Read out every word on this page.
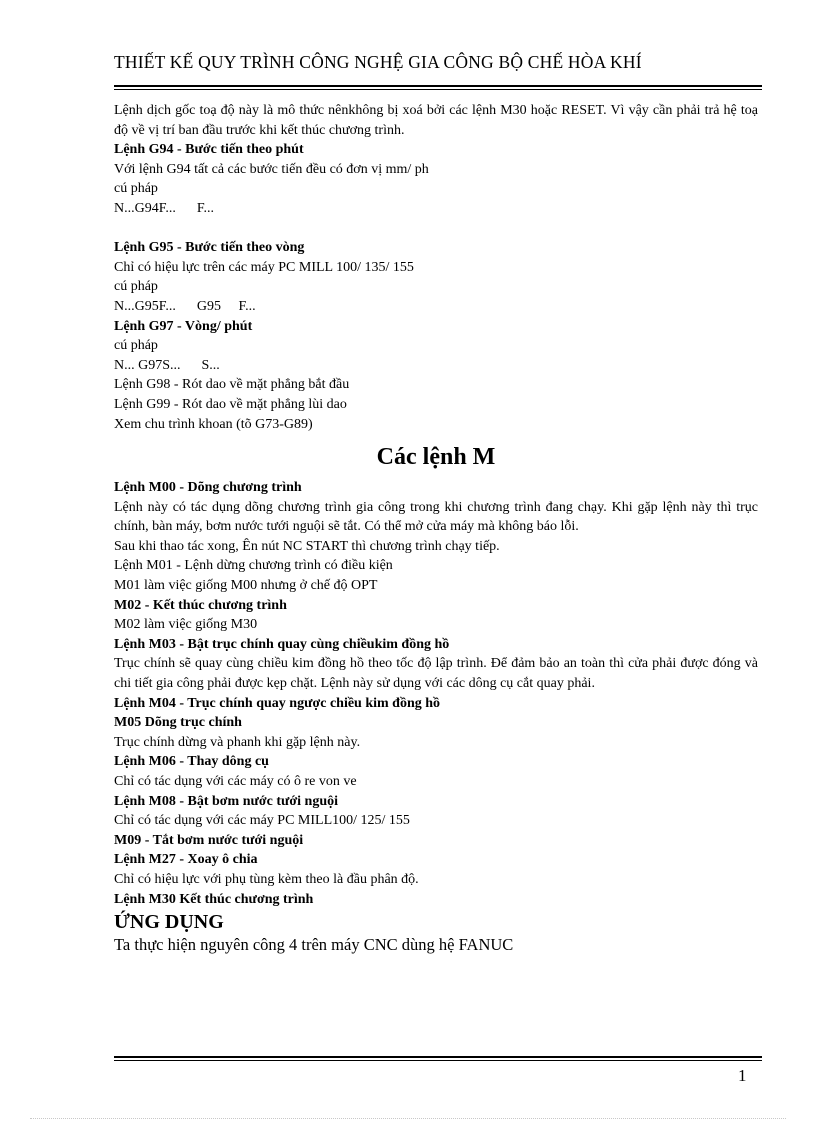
THIẾT KẾ QUY TRÌNH CÔNG NGHỆ GIA CÔNG BỘ CHẾ HÒA KHÍ

Lệnh dịch gốc toạ độ này là mô thức nênkhông bị xoá bởi các lệnh M30 hoặc RESET. Vì vậy cần phải trả hệ toạ độ về vị trí ban đầu trước khi kết thúc chương trình.

Lệnh G94 - Bước tiến theo phút

Với lệnh G94 tất cả các bước tiến đều có đơn vị mm/ ph

cú pháp

N...G94F...      F...

Lệnh G95 - Bước tiến theo vòng

Chỉ có hiệu lực trên các máy PC MILL 100/ 135/ 155

cú pháp

N...G95F...      G95     F...

Lệnh G97 - Vòng/ phút

cú pháp

N... G97S...      S...

Lệnh G98 - Rót dao về mặt phẳng bắt đầu

Lệnh G99 - Rót dao về mặt phẳng lùi dao

Xem chu trình khoan (tõ G73-G89)

Các lệnh M

Lệnh M00 - Dõng chương trình

Lệnh này có tác dụng dõng chương trình gia công trong khi chương trình đang chạy. Khi gặp lệnh này thì trục chính, bàn máy, bơm nước tưới nguội sẽ tắt. Có thể mở cửa máy mà không báo lỗi.

Sau khi thao tác xong, Ên nút NC START thì chương trình chạy tiếp.

Lệnh M01 - Lệnh dừng chương trình có điều kiện

M01 làm việc giống M00 nhưng ở chế độ OPT

M02 - Kết thúc chương trình

M02 làm việc giống M30

Lệnh M03 - Bật trục chính quay cùng chiềukim đồng hồ

Trục chính sẽ quay cùng chiều kim đồng hồ theo tốc độ lập trình. Để đảm bảo an toàn thì cửa phải được đóng và chi tiết gia công phải được kẹp chặt. Lệnh này sử dụng với các dông cụ cắt quay phải.

Lệnh M04 - Trục chính quay ngược chiều kim đồng hồ

M05 Dõng trục chính

Trục chính dừng và phanh khi gặp lệnh này.

Lệnh M06 - Thay dông cụ

Chỉ có tác dụng với các máy có ô re von ve

Lệnh M08 - Bật bơm nước tưới nguội

Chỉ có tác dụng với các máy PC MILL100/ 125/ 155

M09 - Tắt bơm nước tưới nguội

Lệnh M27 - Xoay ô chia

Chỉ có hiệu lực với phụ tùng kèm theo là đầu phân độ.

Lệnh M30 Kết thúc chương trình

ỨNG DỤNG

Ta thực hiện nguyên công 4 trên máy CNC dùng hệ FANUC

1
